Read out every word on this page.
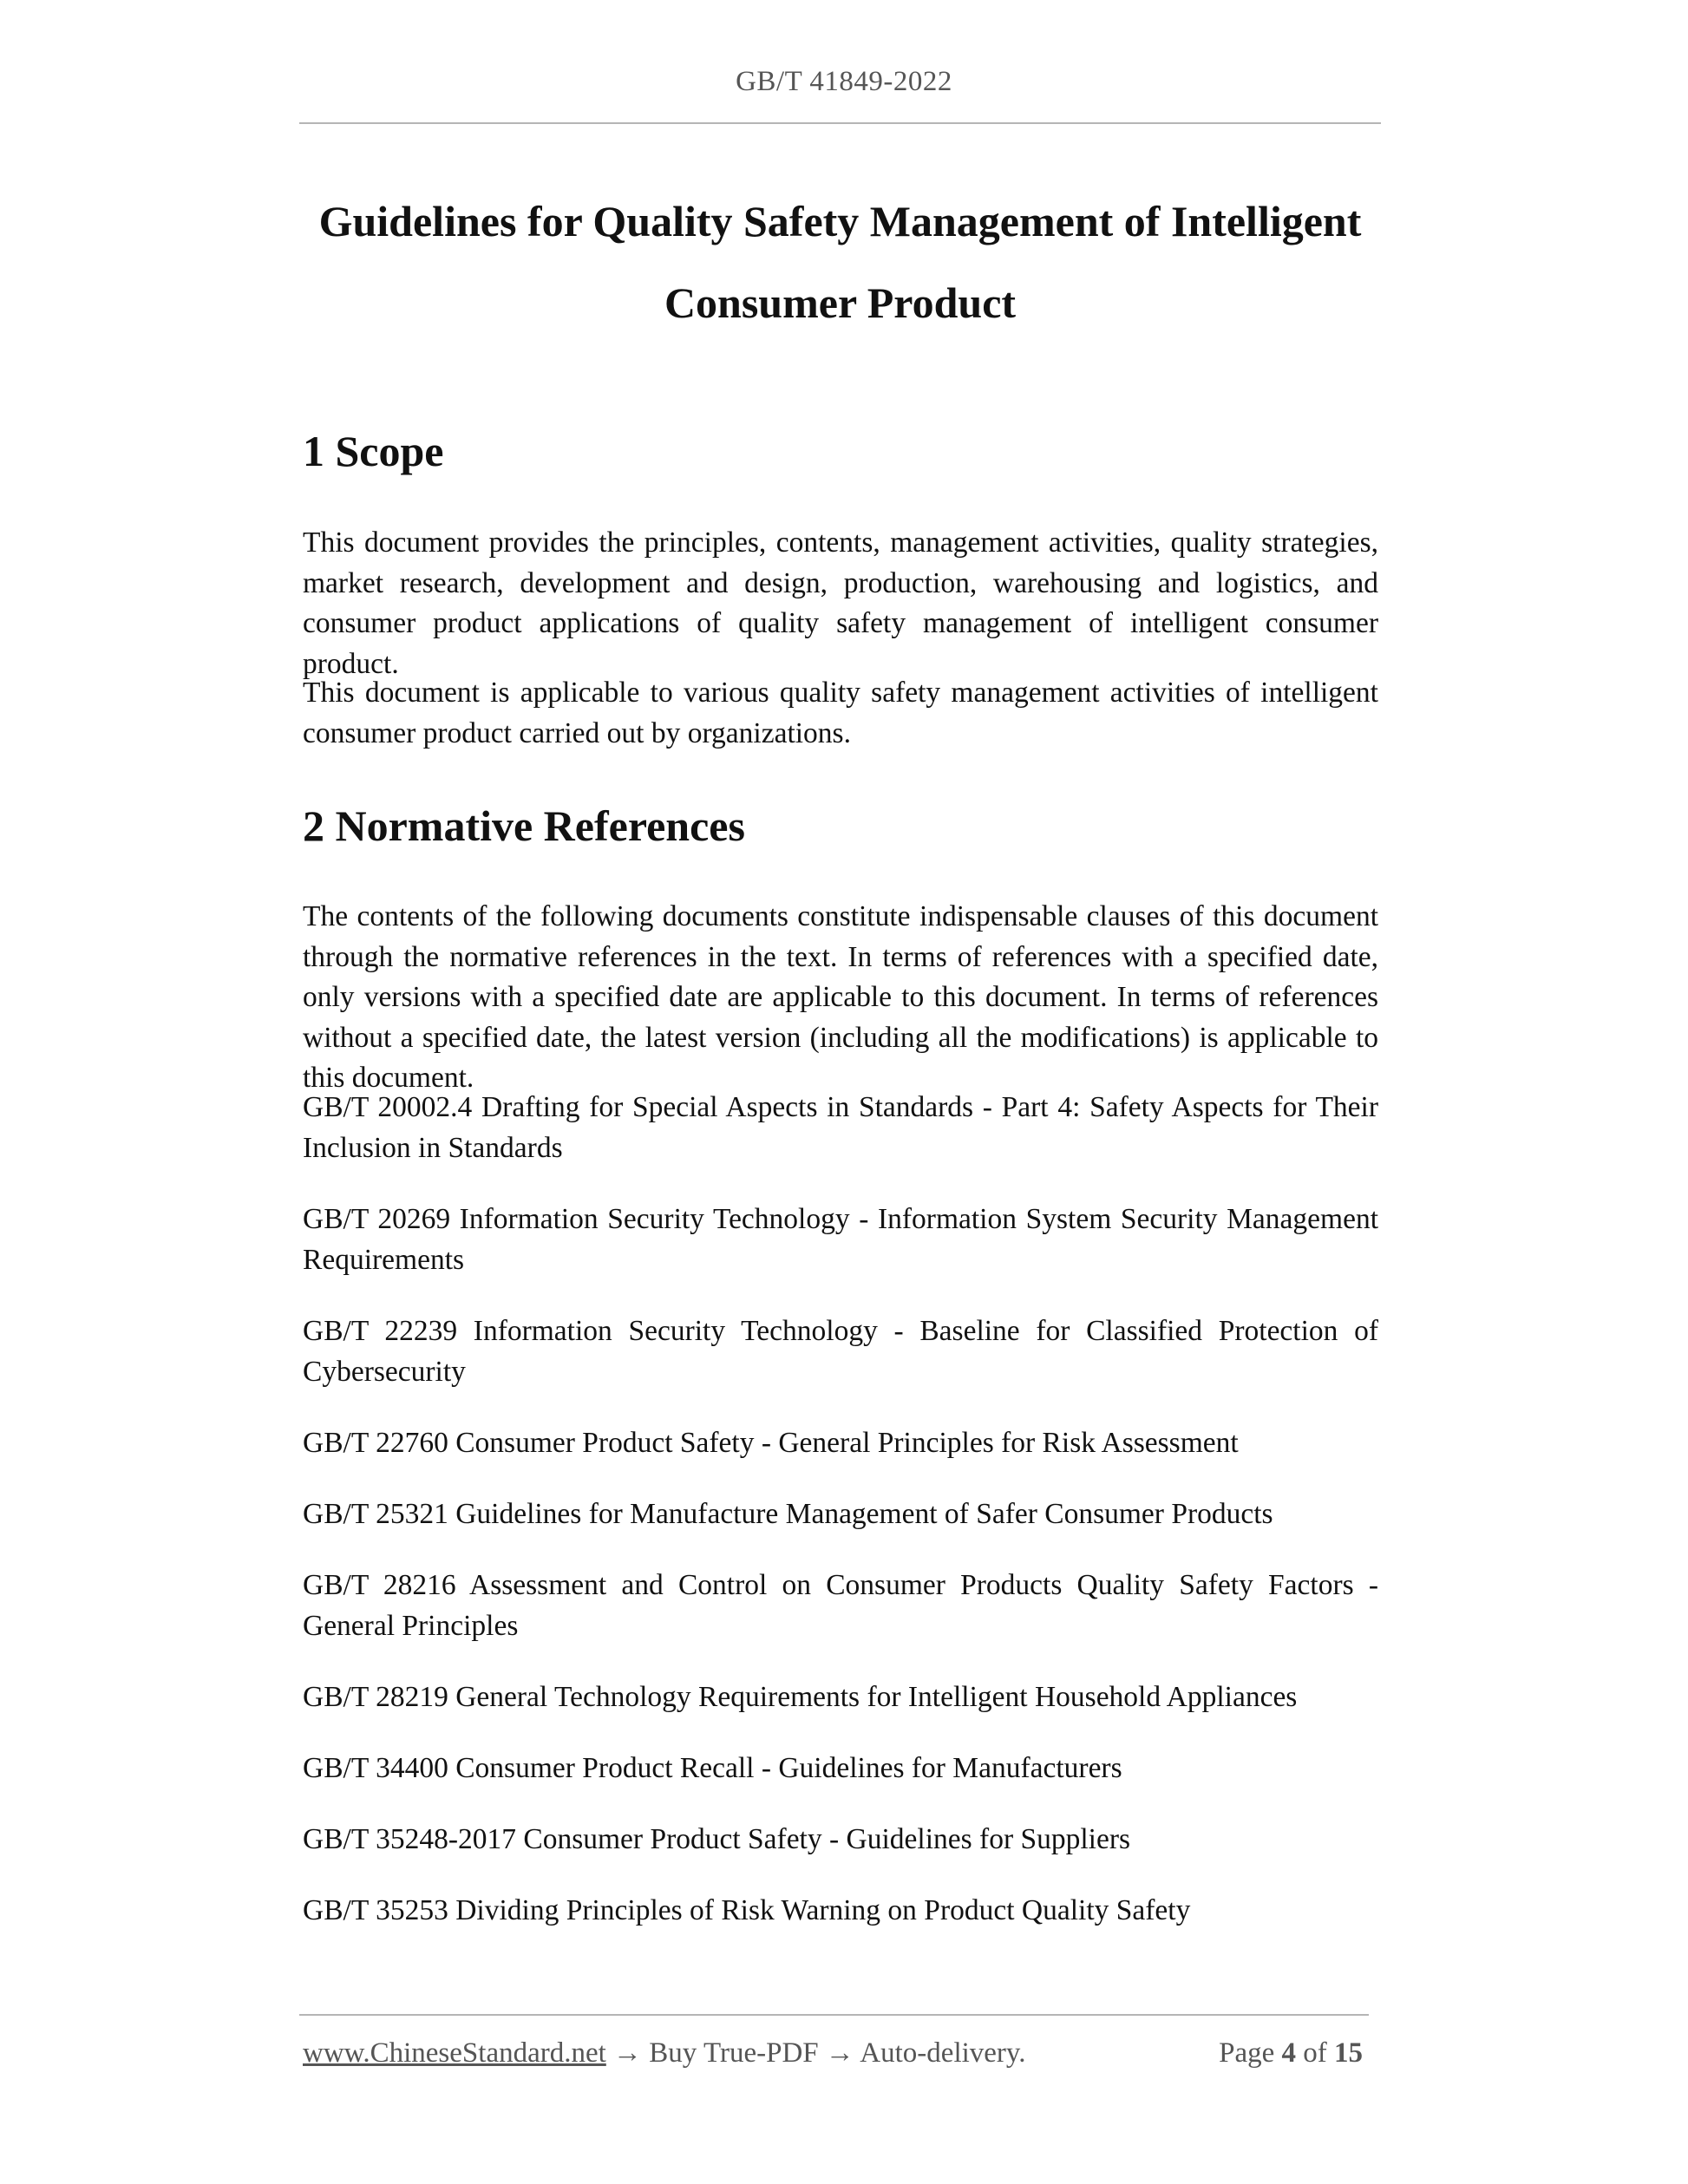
GB/T 41849-2022
Guidelines for Quality Safety Management of Intelligent
Consumer Product
1 Scope

This document provides the principles, contents, management activities, quality strategies, market research, development and design, production, warehousing and logistics, and consumer product applications of quality safety management of intelligent consumer product.

This document is applicable to various quality safety management activities of intelligent consumer product carried out by organizations.

2 Normative References

The contents of the following documents constitute indispensable clauses of this document through the normative references in the text. In terms of references with a specified date, only versions with a specified date are applicable to this document. In terms of references without a specified date, the latest version (including all the modifications) is applicable to this document.

GB/T 20002.4 Drafting for Special Aspects in Standards - Part 4: Safety Aspects for Their Inclusion in Standards

GB/T 20269 Information Security Technology - Information System Security Management Requirements

GB/T 22239 Information Security Technology - Baseline for Classified Protection of Cybersecurity

GB/T 22760 Consumer Product Safety - General Principles for Risk Assessment

GB/T 25321 Guidelines for Manufacture Management of Safer Consumer Products

GB/T 28216 Assessment and Control on Consumer Products Quality Safety Factors - General Principles

GB/T 28219 General Technology Requirements for Intelligent Household Appliances

GB/T 34400 Consumer Product Recall - Guidelines for Manufacturers

GB/T 35248-2017 Consumer Product Safety - Guidelines for Suppliers

GB/T 35253 Dividing Principles of Risk Warning on Product Quality Safety

www.ChineseStandard.net → Buy True-PDF → Auto-delivery.	Page 4 of 15
